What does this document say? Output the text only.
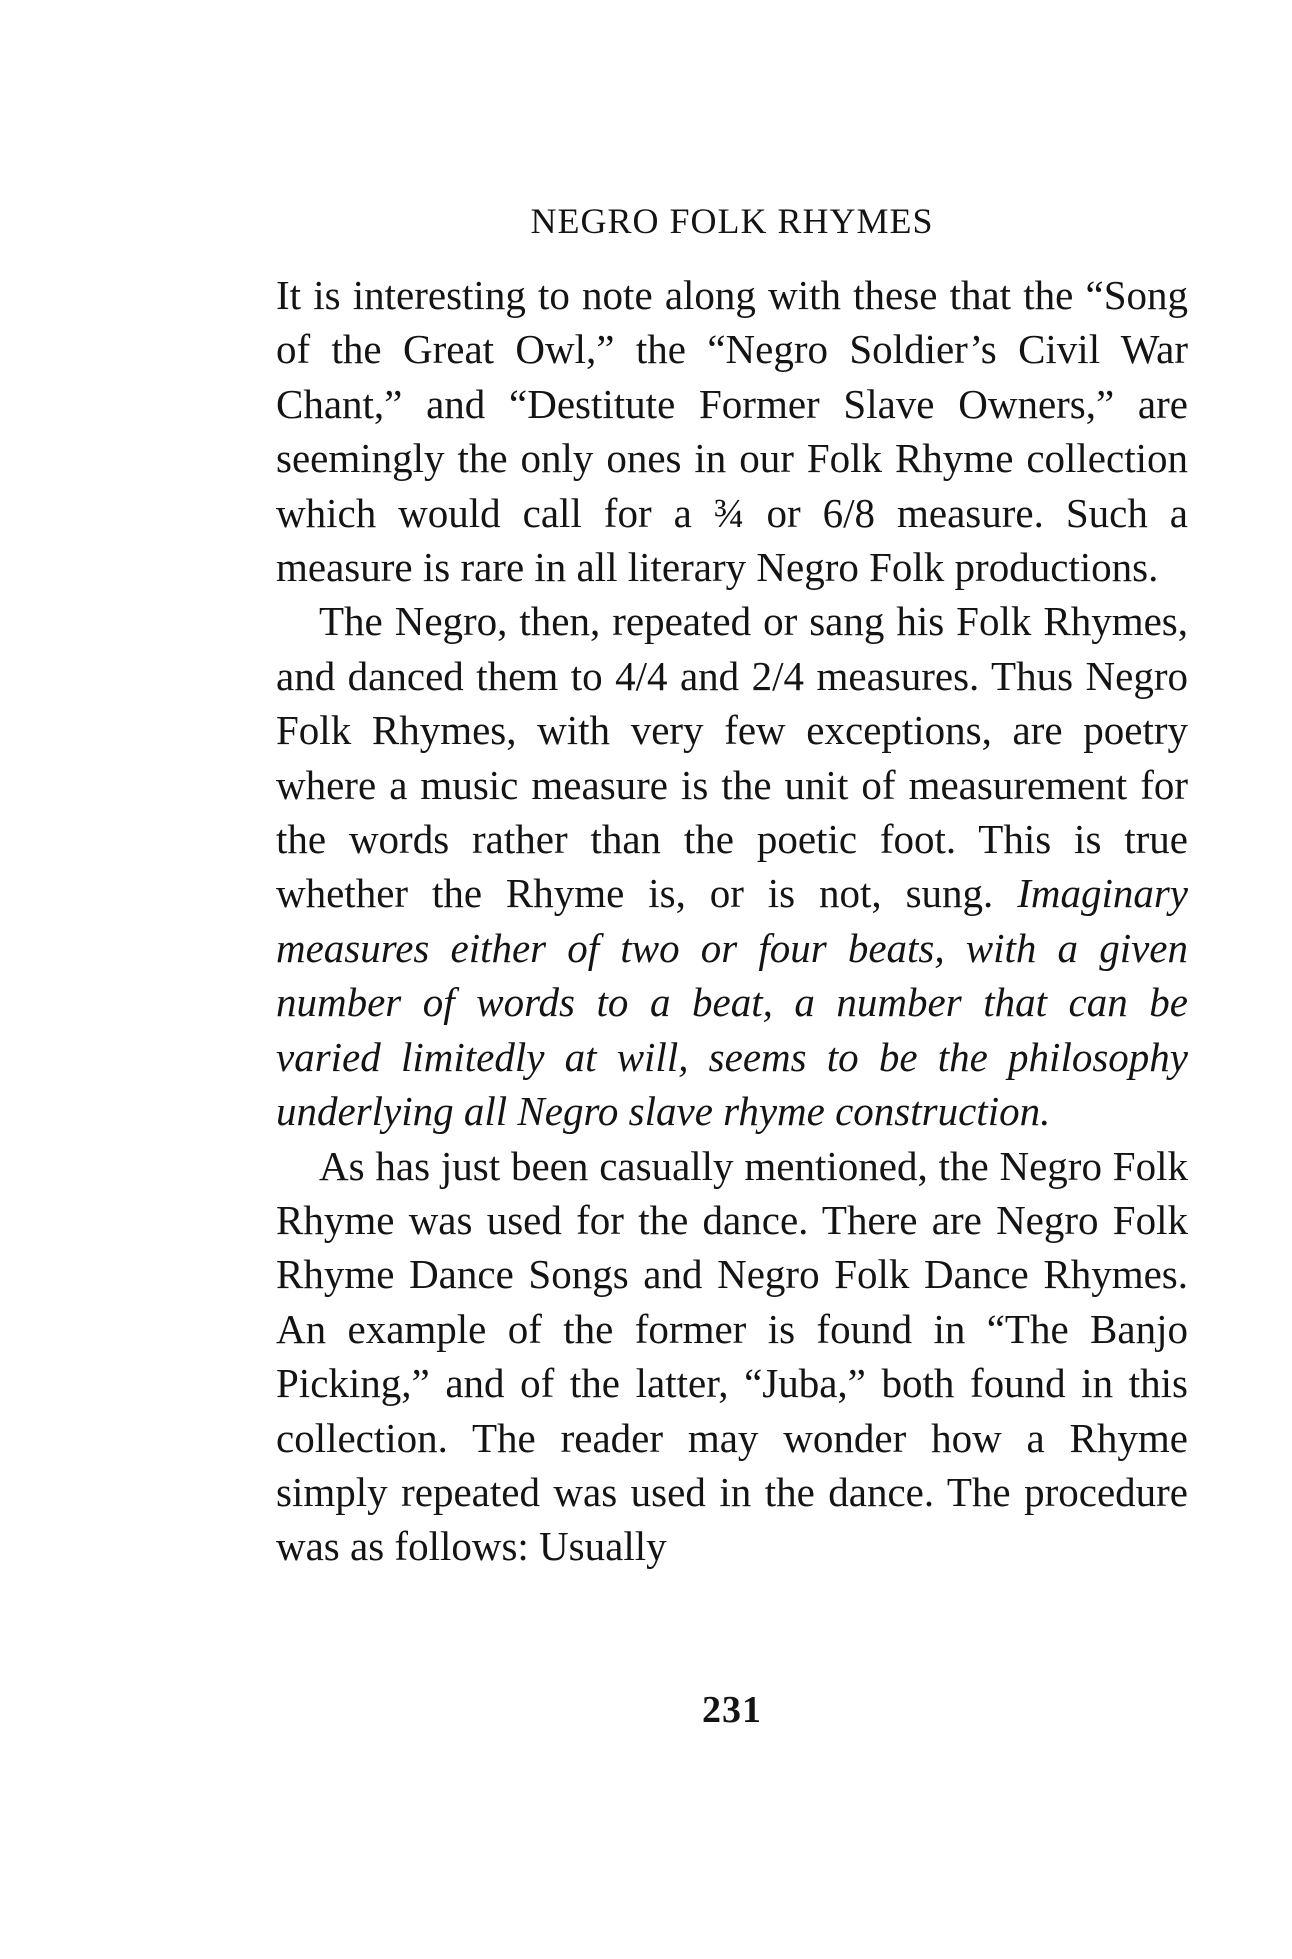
NEGRO FOLK RHYMES

It is interesting to note along with these that the “Song of the Great Owl,” the “Negro Soldier’s Civil War Chant,” and “Destitute Former Slave Owners,” are seemingly the only ones in our Folk Rhyme collection which would call for a ¾ or 6/8 measure. Such a measure is rare in all literary Negro Folk productions.

The Negro, then, repeated or sang his Folk Rhymes, and danced them to 4/4 and 2/4 measures. Thus Negro Folk Rhymes, with very few exceptions, are poetry where a music measure is the unit of measurement for the words rather than the poetic foot. This is true whether the Rhyme is, or is not, sung. Imaginary measures either of two or four beats, with a given number of words to a beat, a number that can be varied limitedly at will, seems to be the philosophy underlying all Negro slave rhyme construction.

As has just been casually mentioned, the Negro Folk Rhyme was used for the dance. There are Negro Folk Rhyme Dance Songs and Negro Folk Dance Rhymes. An example of the former is found in “The Banjo Picking,” and of the latter, “Juba,” both found in this collection. The reader may wonder how a Rhyme simply repeated was used in the dance. The procedure was as follows: Usually

231
